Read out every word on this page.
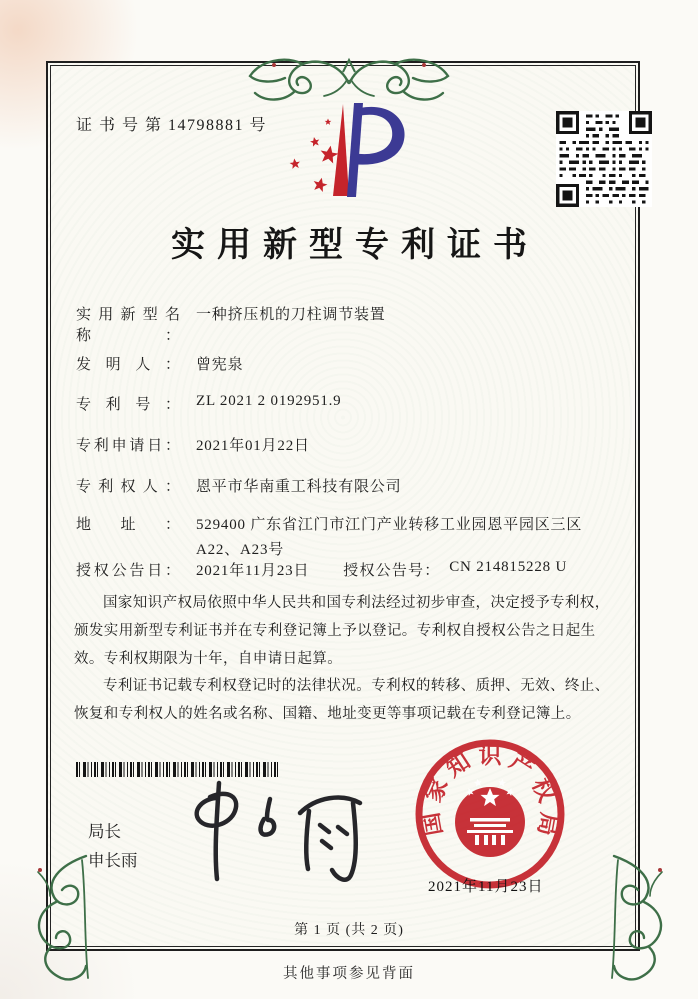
证 书 号 第 14798881 号
实用新型专利证书
实用新型名称：
一种挤压机的刀柱调节装置
发明人： 曾宪泉
专利号： ZL 2021 2 0192951.9
专利申请日： 2021年01月22日
专利权人： 恩平市华南重工科技有限公司
地址： 529400 广东省江门市江门产业转移工业园恩平园区三区 A22、A23号
授权公告日： 2021年11月23日 授权公告号： CN 214815228 U

国家知识产权局依照中华人民共和国专利法经过初步审查，决定授予专利权，颁发实用新型专利证书并在专利登记簿上予以登记。专利权自授权公告之日起生效。专利权期限为十年，自申请日起算。

专利证书记载专利权登记时的法律状况。专利权的转移、质押、无效、终止、恢复和专利权人的姓名或名称、国籍、地址变更等事项记载在专利登记簿上。

局长
申长雨
国
家
知 识 产
权
局
2021年11月23日
第 1 页 (共 2 页)
其他事项参见背面
